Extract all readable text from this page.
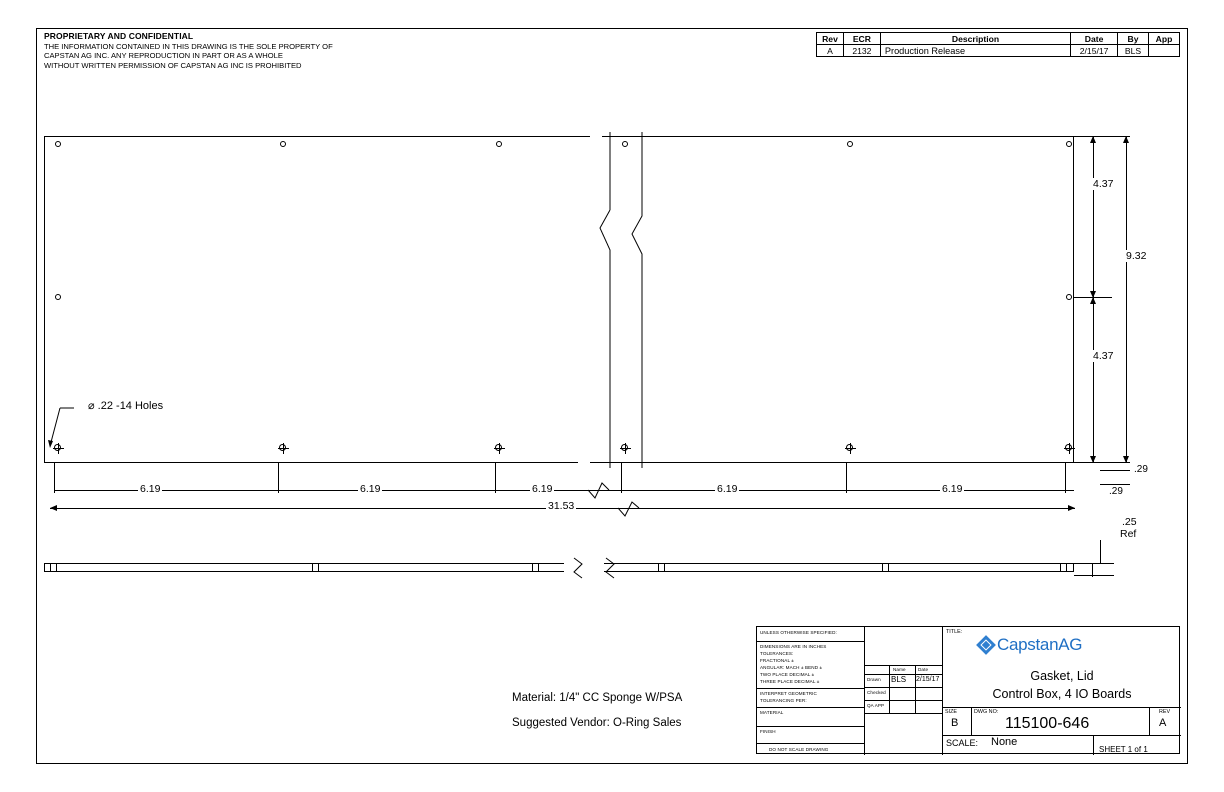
PROPRIETARY AND CONFIDENTIAL
THE INFORMATION CONTAINED IN THIS DRAWING IS THE SOLE PROPERTY OF
CAPSTAN AG INC. ANY REPRODUCTION IN PART OR AS A WHOLE
WITHOUT WRITTEN PERMISSION OF CAPSTAN AG INC IS PROHIBITED
Rev	ECR	Description	Date	By	App
A	2132	Production Release	2/15/17	BLS	
⌀ .22 -14 Holes
4.37
9.32
4.37
.29
.29
6.19	6.19	6.19	6.19	6.19
31.53
.25
Ref
Material: 1/4" CC Sponge W/PSA
Suggested Vendor: O-Ring Sales
UNLESS OTHERWISE SPECIFIED:
DIMENSIONS ARE IN INCHES
TOLERANCES:
FRACTIONAL ±
ANGULAR: MACH ± BEND ±
TWO PLACE DECIMAL ±
THREE PLACE DECIMAL ±
INTERPRET GEOMETRIC
TOLERANCING PER:
MATERIAL
FINISH
DO NOT SCALE DRAWING
Name	Date
Drawn BLS 2/15/17
Checked
QA APP
CapstanAG
TITLE:
Gasket, Lid
Control Box, 4 IO Boards
SIZE
B
DWG NO:
115100-646
REV
A
SCALE: None
SHEET 1 of 1
